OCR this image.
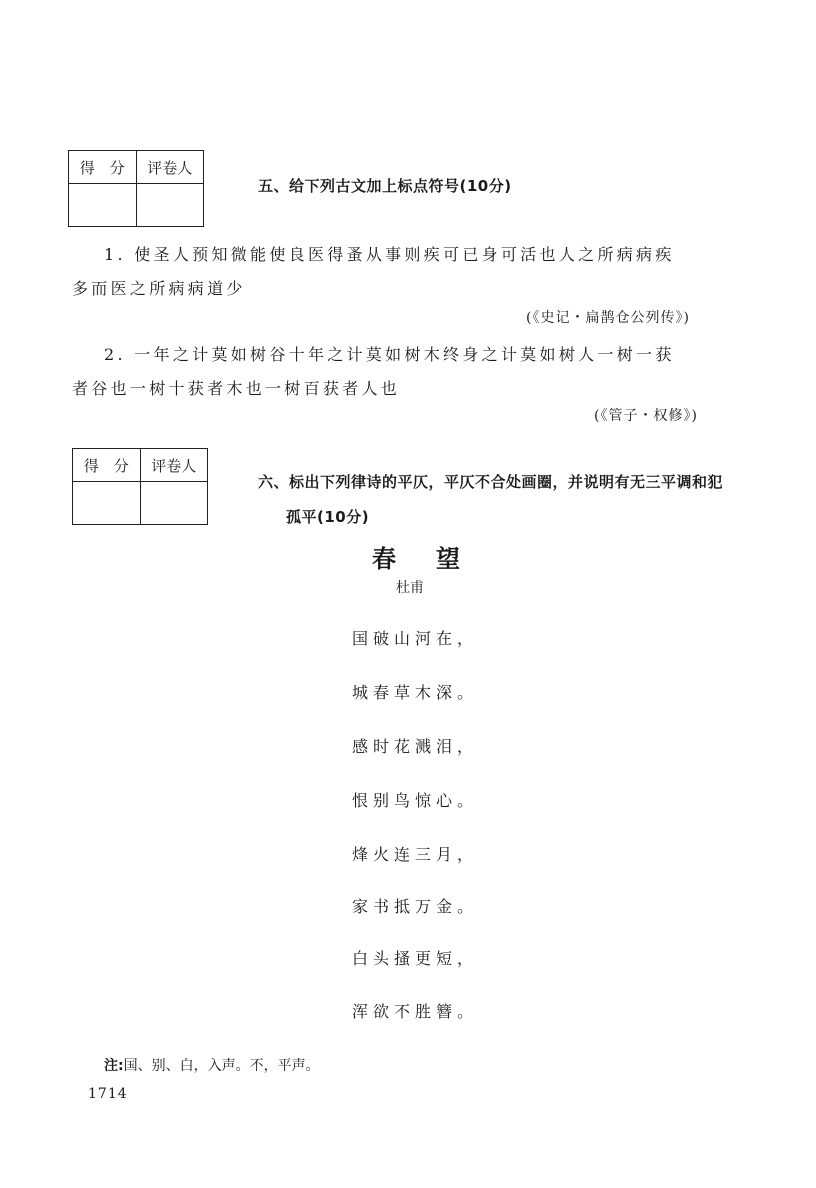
得　分	评卷人

五、给下列古文加上标点符号(10分)
1. 使圣人预知微能使良医得蚤从事则疾可已身可活也人之所病病疾
多而医之所病病道少
(《史记・扁鹊仓公列传》)
2. 一年之计莫如树谷十年之计莫如树木终身之计莫如树人一树一获
者谷也一树十获者木也一树百获者人也
(《管子・权修》)
得　分	评卷人

六、标出下列律诗的平仄，平仄不合处画圈，并说明有无三平调和犯
孤平(10分)
春望
杜甫
国破山河在，
城春草木深。
感时花溅泪，
恨别鸟惊心。
烽火连三月，
家书抵万金。
白头搔更短，
浑欲不胜簪。
注:国、别、白，入声。不，平声。
1714
